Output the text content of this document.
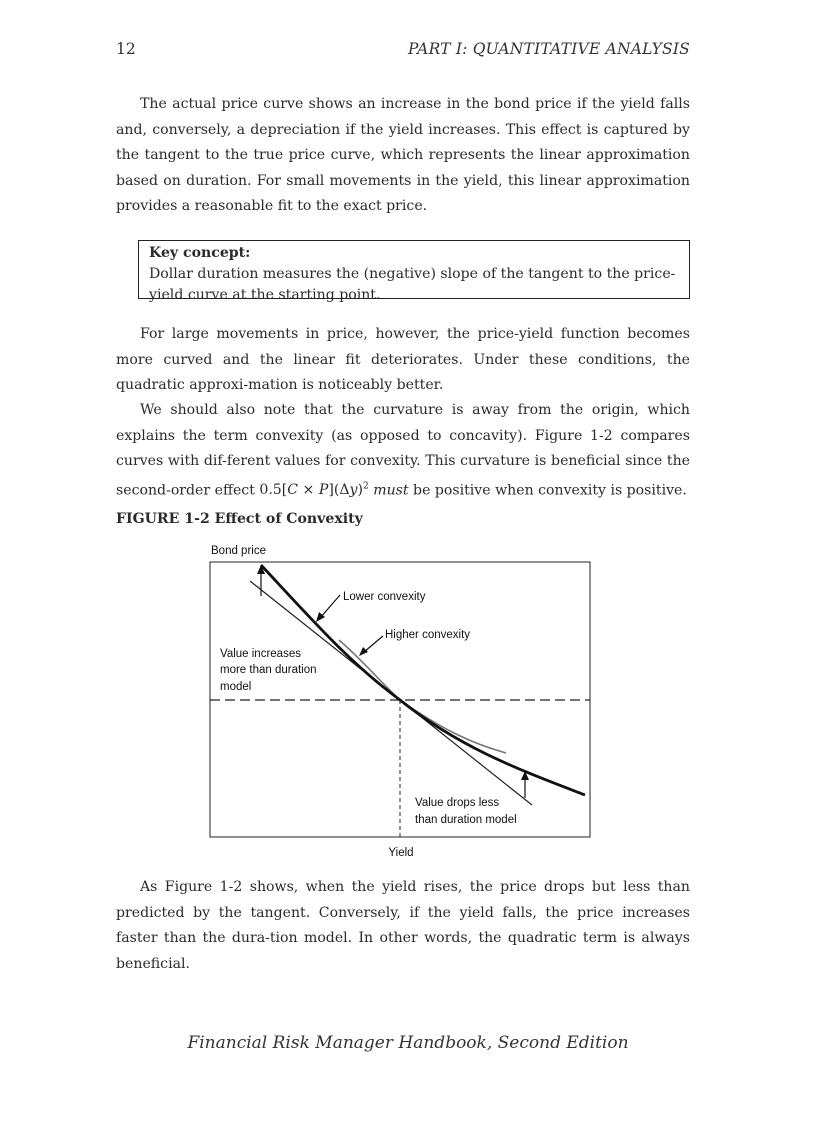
12	PART I: QUANTITATIVE ANALYSIS

The actual price curve shows an increase in the bond price if the yield falls and, conversely, a depreciation if the yield increases. This effect is captured by the tangent to the true price curve, which represents the linear approximation based on duration. For small movements in the yield, this linear approximation provides a reasonable fit to the exact price.

Key concept:
Dollar duration measures the (negative) slope of the tangent to the price-yield curve at the starting point.

For large movements in price, however, the price-yield function becomes more curved and the linear fit deteriorates. Under these conditions, the quadratic approxi-mation is noticeably better.

We should also note that the curvature is away from the origin, which explains the term convexity (as opposed to concavity). Figure 1-2 compares curves with dif-ferent values for convexity. This curvature is beneficial since the second-order effect $0.5[C \times P](\Delta y)^2$ must be positive when convexity is positive.

FIGURE 1-2 Effect of Convexity
Bond price
Yield
Lower convexity
Higher convexity
Value increases
more than duration
model
Value drops less
than duration model

As Figure 1-2 shows, when the yield rises, the price drops but less than predicted by the tangent. Conversely, if the yield falls, the price increases faster than the dura-tion model. In other words, the quadratic term is always beneficial.

Financial Risk Manager Handbook, Second Edition
